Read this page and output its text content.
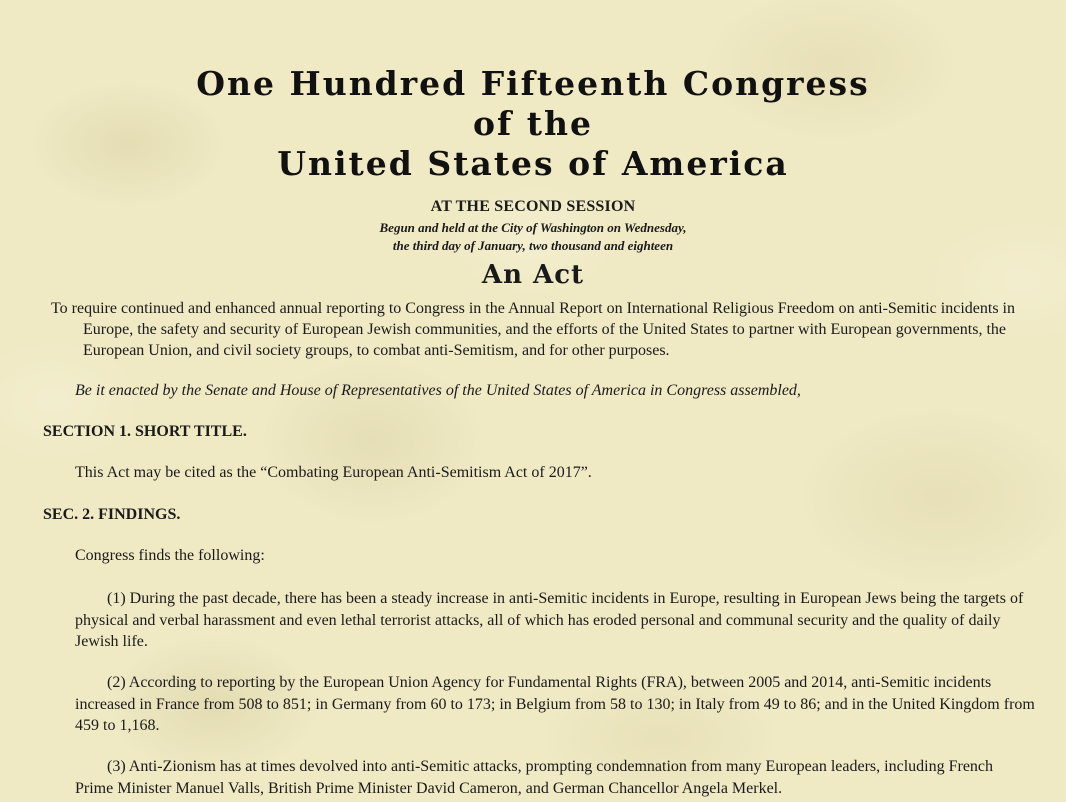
One Hundred Fifteenth Congress
of the
United States of America
AT THE SECOND SESSION
Begun and held at the City of Washington on Wednesday,
the third day of January, two thousand and eighteen
An Act
To require continued and enhanced annual reporting to Congress in the Annual Report on International Religious Freedom on anti-Semitic incidents in Europe, the safety and security of European Jewish communities, and the efforts of the United States to partner with European governments, the European Union, and civil society groups, to combat anti-Semitism, and for other purposes.
Be it enacted by the Senate and House of Representatives of the United States of America in Congress assembled,
SECTION 1. SHORT TITLE.
This Act may be cited as the “Combating European Anti-Semitism Act of 2017”.
SEC. 2. FINDINGS.
Congress finds the following:
(1) During the past decade, there has been a steady increase in anti-Semitic incidents in Europe, resulting in European Jews being the targets of physical and verbal harassment and even lethal terrorist attacks, all of which has eroded personal and communal security and the quality of daily Jewish life.
(2) According to reporting by the European Union Agency for Fundamental Rights (FRA), between 2005 and 2014, anti-Semitic incidents increased in France from 508 to 851; in Germany from 60 to 173; in Belgium from 58 to 130; in Italy from 49 to 86; and in the United Kingdom from 459 to 1,168.
(3) Anti-Zionism has at times devolved into anti-Semitic attacks, prompting condemnation from many European leaders, including French Prime Minister Manuel Valls, British Prime Minister David Cameron, and German Chancellor Angela Merkel.
